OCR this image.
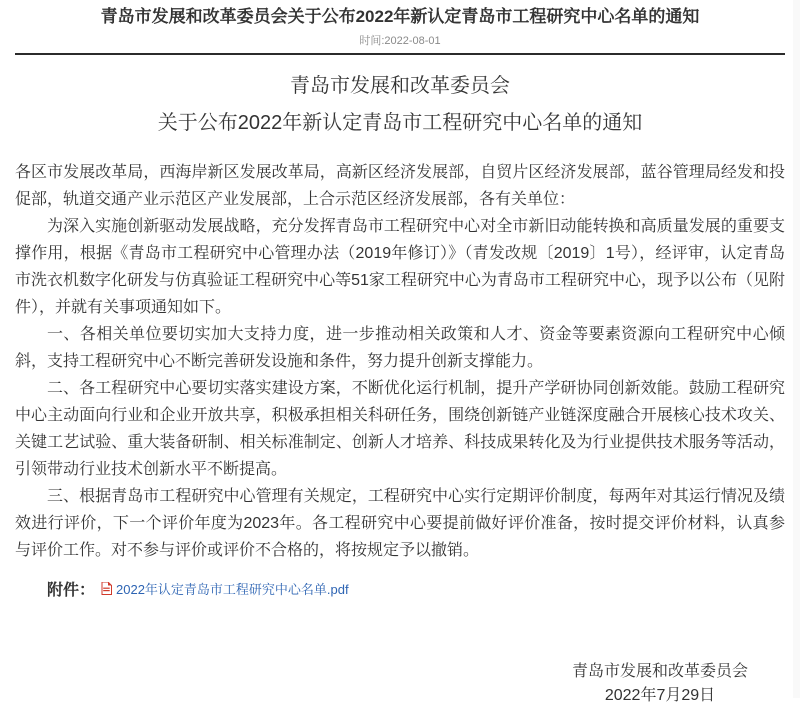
青岛市发展和改革委员会关于公布2022年新认定青岛市工程研究中心名单的通知
时间:2022-08-01
青岛市发展和改革委员会
关于公布2022年新认定青岛市工程研究中心名单的通知

各区市发展改革局，西海岸新区发展改革局，高新区经济发展部，自贸片区经济发展部，蓝谷管理局经发和投促部，轨道交通产业示范区产业发展部，上合示范区经济发展部，各有关单位：

为深入实施创新驱动发展战略，充分发挥青岛市工程研究中心对全市新旧动能转换和高质量发展的重要支撑作用，根据《青岛市工程研究中心管理办法（2019年修订）》（青发改规〔2019〕1号），经评审，认定青岛市洗衣机数字化研发与仿真验证工程研究中心等51家工程研究中心为青岛市工程研究中心，现予以公布（见附件），并就有关事项通知如下。

一、各相关单位要切实加大支持力度，进一步推动相关政策和人才、资金等要素资源向工程研究中心倾斜，支持工程研究中心不断完善研发设施和条件，努力提升创新支撑能力。

二、各工程研究中心要切实落实建设方案，不断优化运行机制，提升产学研协同创新效能。鼓励工程研究中心主动面向行业和企业开放共享，积极承担相关科研任务，围绕创新链产业链深度融合开展核心技术攻关、关键工艺试验、重大装备研制、相关标准制定、创新人才培养、科技成果转化及为行业提供技术服务等活动，引领带动行业技术创新水平不断提高。

三、根据青岛市工程研究中心管理有关规定，工程研究中心实行定期评价制度，每两年对其运行情况及绩效进行评价，下一个评价年度为2023年。各工程研究中心要提前做好评价准备，按时提交评价材料，认真参与评价工作。对不参与评价或评价不合格的，将按规定予以撤销。

附件： 2022年认定青岛市工程研究中心名单.pdf
青岛市发展和改革委员会
2022年7月29日
